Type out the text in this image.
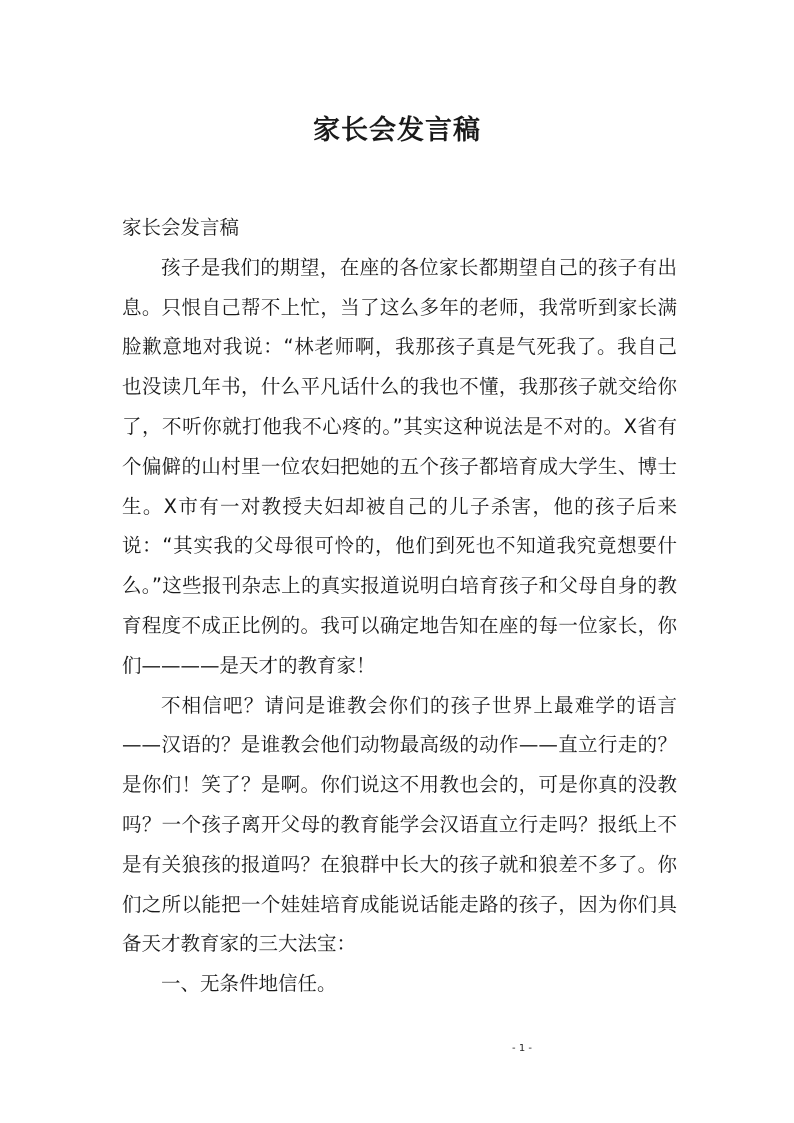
家长会发言稿

家长会发言稿

孩子是我们的期望，在座的各位家长都期望自己的孩子有出息。只恨自己帮不上忙，当了这么多年的老师，我常听到家长满脸歉意地对我说：“林老师啊，我那孩子真是气死我了。我自己也没读几年书，什么平凡话什么的我也不懂，我那孩子就交给你了，不听你就打他我不心疼的。”其实这种说法是不对的。X省有个偏僻的山村里一位农妇把她的五个孩子都培育成大学生、博士生。X市有一对教授夫妇却被自己的儿子杀害，他的孩子后来说：“其实我的父母很可怜的，他们到死也不知道我究竟想要什么。”这些报刊杂志上的真实报道说明白培育孩子和父母自身的教育程度不成正比例的。我可以确定地告知在座的每一位家长，你们————是天才的教育家！

不相信吧？请问是谁教会你们的孩子世界上最难学的语言——汉语的？是谁教会他们动物最高级的动作——直立行走的？是你们！笑了？是啊。你们说这不用教也会的，可是你真的没教吗？一个孩子离开父母的教育能学会汉语直立行走吗？报纸上不是有关狼孩的报道吗？在狼群中长大的孩子就和狼差不多了。你们之所以能把一个娃娃培育成能说话能走路的孩子，因为你们具备天才教育家的三大法宝：

一、无条件地信任。

- 1 -
